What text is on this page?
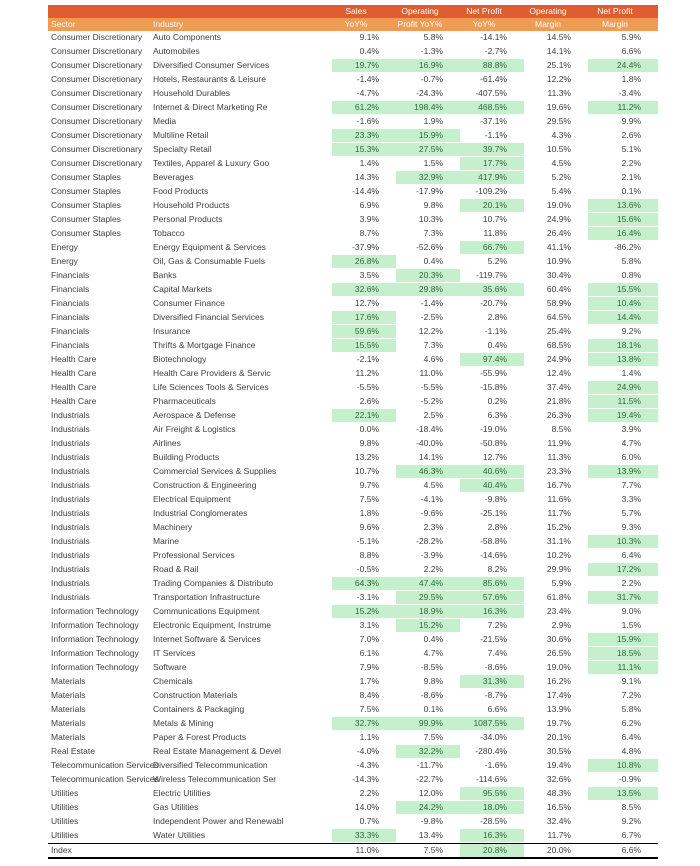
		Sales	Operating	Net Profit	Operating	Net Profit
Sector	Industry	YoY%	Profit YoY%	YoY%	Margin	Margin
Consumer Discretionary	Auto Components	9.1%	5.8%	-14.1%	14.5%	5.9%
Consumer Discretionary	Automobiles	0.4%	-1.3%	-2.7%	14.1%	6.6%
Consumer Discretionary	Diversified Consumer Services	19.7%	16.9%	88.8%	25.1%	24.4%
Consumer Discretionary	Hotels, Restaurants & Leisure	-1.4%	-0.7%	-61.4%	12.2%	1.8%
Consumer Discretionary	Household Durables	-4.7%	-24.3%	-407.5%	11.3%	-3.4%
Consumer Discretionary	Internet & Direct Marketing Re	61.2%	198.4%	468.5%	19.6%	11.2%
Consumer Discretionary	Media	-1.6%	1.9%	-37.1%	29.5%	9.9%
Consumer Discretionary	Multiline Retail	23.3%	15.9%	-1.1%	4.3%	2.6%
Consumer Discretionary	Specialty Retail	15.3%	27.5%	39.7%	10.5%	5.1%
Consumer Discretionary	Textiles, Apparel & Luxury Goo	1.4%	1.5%	17.7%	4.5%	2.2%
Consumer Staples	Beverages	14.3%	32.9%	417.9%	5.2%	2.1%
Consumer Staples	Food Products	-14.4%	-17.9%	-109.2%	5.4%	0.1%
Consumer Staples	Household Products	6.9%	9.8%	20.1%	19.0%	13.6%
Consumer Staples	Personal Products	3.9%	10.3%	10.7%	24.9%	15.6%
Consumer Staples	Tobacco	8.7%	7.3%	11.8%	26.4%	16.4%
Energy	Energy Equipment & Services	-37.9%	-52.6%	66.7%	41.1%	-86.2%
Energy	Oil, Gas & Consumable Fuels	26.8%	0.4%	5.2%	10.9%	5.8%
Financials	Banks	3.5%	20.3%	-119.7%	30.4%	0.8%
Financials	Capital Markets	32.6%	29.8%	35.6%	60.4%	15.5%
Financials	Consumer Finance	12.7%	-1.4%	-20.7%	58.9%	10.4%
Financials	Diversified Financial Services	17.6%	-2.5%	2.8%	64.5%	14.4%
Financials	Insurance	59.6%	12.2%	-1.1%	25.4%	9.2%
Financials	Thrifts & Mortgage Finance	15.5%	7.3%	0.4%	68.5%	18.1%
Health Care	Biotechnology	-2.1%	4.6%	97.4%	24.9%	13.8%
Health Care	Health Care Providers & Servic	11.2%	11.0%	-55.9%	12.4%	1.4%
Health Care	Life Sciences Tools & Services	-5.5%	-5.5%	-15.8%	37.4%	24.9%
Health Care	Pharmaceuticals	2.6%	-5.2%	0.2%	21.8%	11.5%
Industrials	Aerospace & Defense	22.1%	2.5%	6.3%	26.3%	19.4%
Industrials	Air Freight & Logistics	0.0%	-18.4%	-19.0%	8.5%	3.9%
Industrials	Airlines	9.8%	-40.0%	-50.8%	11.9%	4.7%
Industrials	Building Products	13.2%	14.1%	12.7%	11.3%	6.0%
Industrials	Commercial Services & Supplies	10.7%	46.3%	40.6%	23.3%	13.9%
Industrials	Construction & Engineering	9.7%	4.5%	40.4%	16.7%	7.7%
Industrials	Electrical Equipment	7.5%	-4.1%	-9.8%	11.6%	3.3%
Industrials	Industrial Conglomerates	1.8%	-9.6%	-25.1%	11.7%	5.7%
Industrials	Machinery	9.6%	2.3%	2.8%	15.2%	9.3%
Industrials	Marine	-5.1%	-28.2%	-58.8%	31.1%	10.3%
Industrials	Professional Services	8.8%	-3.9%	-14.6%	10.2%	6.4%
Industrials	Road & Rail	-0.5%	2.2%	8.2%	29.9%	17.2%
Industrials	Trading Companies & Distributo	64.3%	47.4%	85.6%	5.9%	2.2%
Industrials	Transportation Infrastructure	-3.1%	29.5%	57.6%	61.8%	31.7%
Information Technology	Communications Equipment	15.2%	18.9%	16.3%	23.4%	9.0%
Information Technology	Electronic Equipment, Instrume	3.1%	15.2%	7.2%	2.9%	1.5%
Information Technology	Internet Software & Services	7.0%	0.4%	-21.5%	30.6%	15.9%
Information Technology	IT Services	6.1%	4.7%	7.4%	26.5%	18.5%
Information Technology	Software	7.9%	-8.5%	-8.6%	19.0%	11.1%
Materials	Chemicals	1.7%	9.8%	31.3%	16.2%	9.1%
Materials	Construction Materials	8.4%	-8.6%	-8.7%	17.4%	7.2%
Materials	Containers & Packaging	7.5%	0.1%	6.6%	13.9%	5.8%
Materials	Metals & Mining	32.7%	99.9%	1087.5%	19.7%	6.2%
Materials	Paper & Forest Products	1.1%	7.5%	-34.0%	20.1%	6.4%
Real Estate	Real Estate Management & Devel	-4.0%	32.2%	-280.4%	30.5%	4.8%
Telecommunication Services	Diversified Telecommunication	-4.3%	-11.7%	-1.6%	19.4%	10.8%
Telecommunication Services	Wireless Telecommunication Ser	-14.3%	-22.7%	-114.6%	32.6%	-0.9%
Utilities	Electric Utilities	2.2%	12.0%	95.5%	48.3%	13.5%
Utilities	Gas Utilities	14.0%	24.2%	18.0%	16.5%	8.5%
Utilities	Independent Power and Renewabl	0.7%	-9.8%	-28.5%	32.4%	9.2%
Utilities	Water Utilities	33.3%	13.4%	16.3%	11.7%	6.7%
Index		11.0%	7.5%	20.8%	20.0%	6.6%
